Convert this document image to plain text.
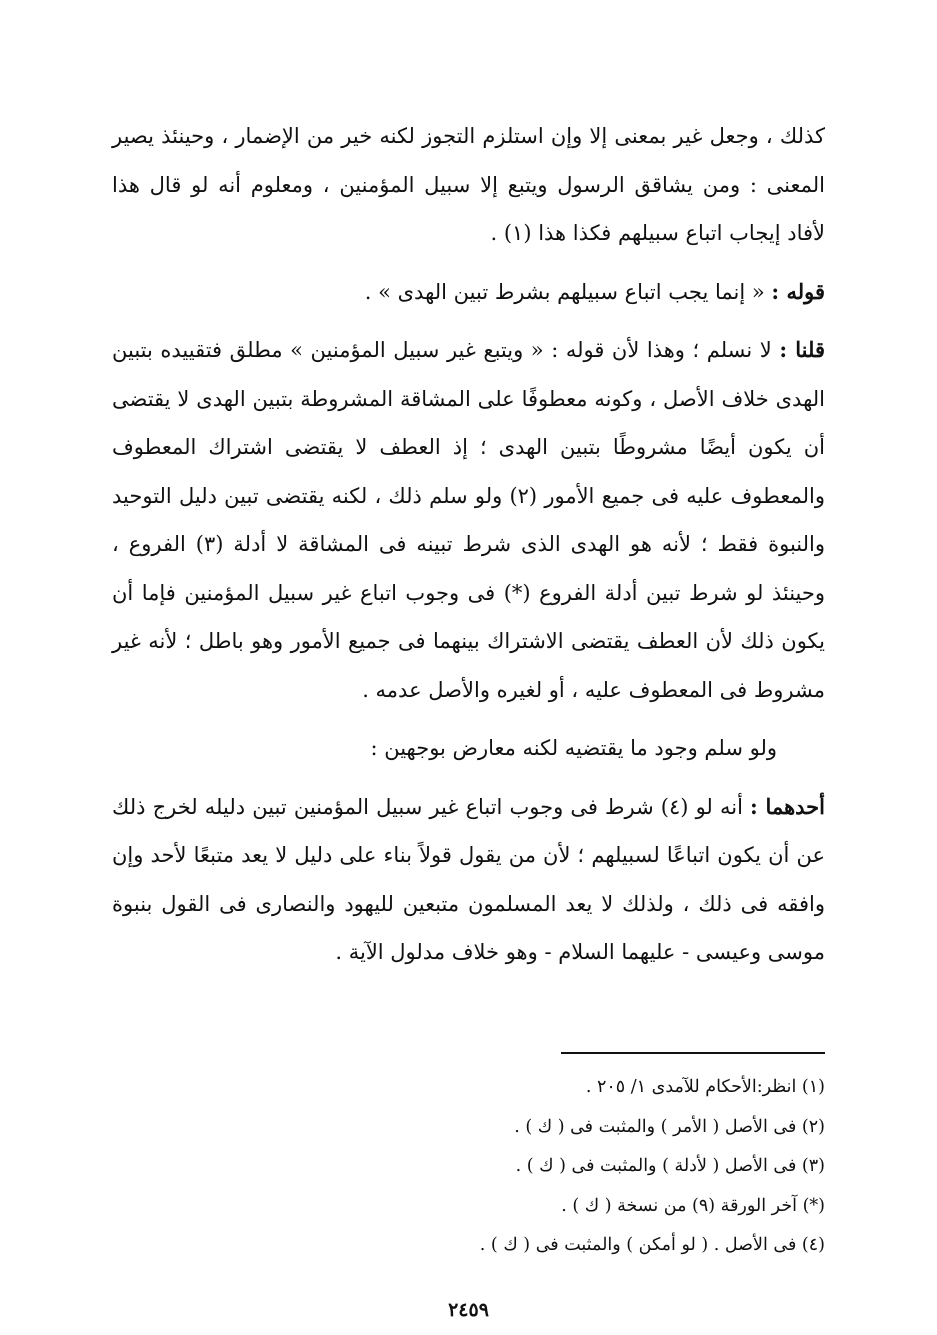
كذلك ، وجعل غير بمعنى إلا وإن استلزم التجوز لكنه خير من الإضمار ، وحينئذ يصير المعنى : ومن يشاقق الرسول ويتبع إلا سبيل المؤمنين ، ومعلوم أنه لو قال هذا لأفاد إيجاب اتباع سبيلهم فكذا هذا (١) .

قوله : « إنما يجب اتباع سبيلهم بشرط تبين الهدى » .

قلنا : لا نسلم ؛ وهذا لأن قوله : « ويتبع غير سبيل المؤمنين » مطلق فتقييده بتبين الهدى خلاف الأصل ، وكونه معطوفًا على المشاقة المشروطة بتبين الهدى لا يقتضى أن يكون أيضًا مشروطًا بتبين الهدى ؛ إذ العطف لا يقتضى اشتراك المعطوف والمعطوف عليه فى جميع الأمور (٢) ولو سلم ذلك ، لكنه يقتضى تبين دليل التوحيد والنبوة فقط ؛ لأنه هو الهدى الذى شرط تبينه فى المشاقة لا أدلة (٣) الفروع ، وحينئذ لو شرط تبين أدلة الفروع (*) فى وجوب اتباع غير سبيل المؤمنين فإما أن يكون ذلك لأن العطف يقتضى الاشتراك بينهما فى جميع الأمور وهو باطل ؛ لأنه غير مشروط فى المعطوف عليه ، أو لغيره والأصل عدمه .

ولو سلم وجود ما يقتضيه لكنه معارض بوجهين :

أحدهما : أنه لو (٤) شرط فى وجوب اتباع غير سبيل المؤمنين تبين دليله لخرج ذلك عن أن يكون اتباعًا لسبيلهم ؛ لأن من يقول قولاً بناء على دليل لا يعد متبعًا لأحد وإن وافقه فى ذلك ، ولذلك لا يعد المسلمون متبعين لليهود والنصارى فى القول بنبوة موسى وعيسى - عليهما السلام - وهو خلاف مدلول الآية .

(١) انظر:الأحكام للآمدى ١/ ٢٠٥ .
(٢) فى الأصل ( الأمر ) والمثبت فى ( ك ) .
(٣) فى الأصل ( لأدلة ) والمثبت فى ( ك ) .
(*) آخر الورقة (٩) من نسخة ( ك ) .
(٤) فى الأصل . ( لو أمكن ) والمثبت فى ( ك ) .
٢٤٥٩
